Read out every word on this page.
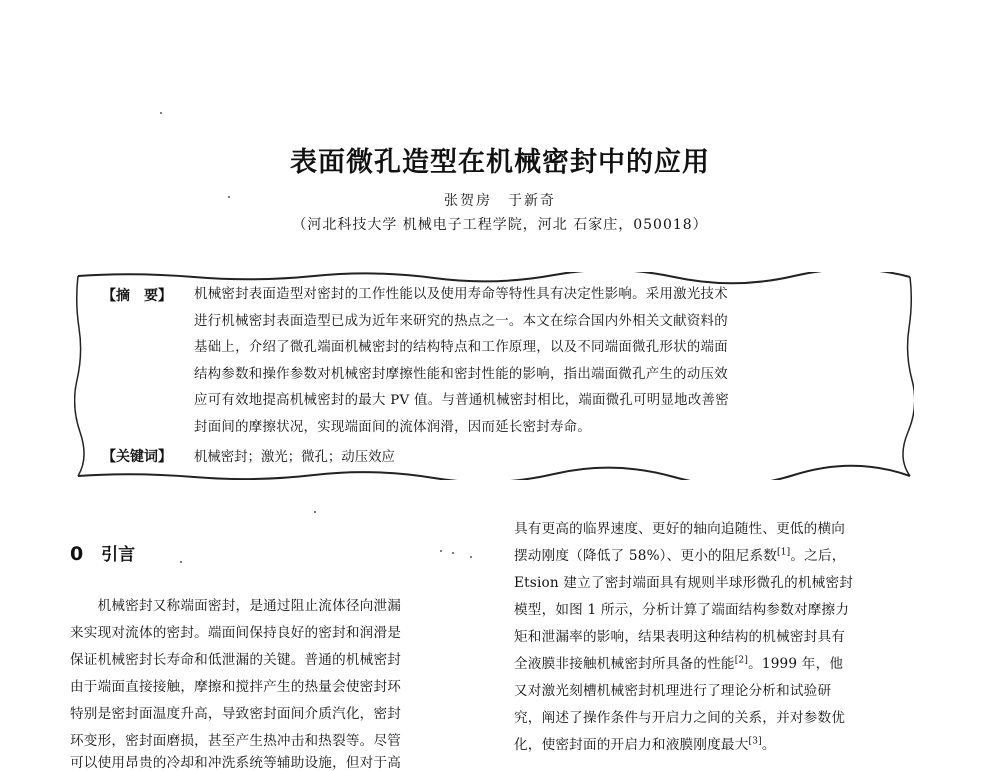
表面微孔造型在机械密封中的应用
张贺房　于新奇
（河北科技大学 机械电子工程学院，河北 石家庄，050018）
【摘　要】 机械密封表面造型对密封的工作性能以及使用寿命等特性具有决定性影响。采用激光技术
进行机械密封表面造型已成为近年来研究的热点之一。本文在综合国内外相关文献资料的
基础上，介绍了微孔端面机械密封的结构特点和工作原理，以及不同端面微孔形状的端面
结构参数和操作参数对机械密封摩擦性能和密封性能的影响，指出端面微孔产生的动压效
应可有效地提高机械密封的最大 PV 值。与普通机械密封相比，端面微孔可明显地改善密
封面间的摩擦状况，实现端面间的流体润滑，因而延长密封寿命。
【关键词】 机械密封；激光；微孔；动压效应
0 引言
　　机械密封又称端面密封，是通过阻止流体径向泄漏
来实现对流体的密封。端面间保持良好的密封和润滑是
保证机械密封长寿命和低泄漏的关键。普通的机械密封
由于端面直接接触，摩擦和搅拌产生的热量会使密封环
特别是密封面温度升高，导致密封面间介质汽化，密封
环变形，密封面磨损，甚至产生热冲击和热裂等。尽管
可以使用昂贵的冷却和冲洗系统等辅助设施，但对于高
具有更高的临界速度、更好的轴向追随性、更低的横向
摆动刚度（降低了 58%）、更小的阻尼系数[1]。之后，
Etsion 建立了密封端面具有规则半球形微孔的机械密封
模型，如图 1 所示，分析计算了端面结构参数对摩擦力
矩和泄漏率的影响，结果表明这种结构的机械密封具有
全液膜非接触机械密封所具备的性能[2]。1999 年，他
又对激光刻槽机械密封机理进行了理论分析和试验研
究，阐述了操作条件与开启力之间的关系，并对参数优
化，使密封面的开启力和液膜刚度最大[3]。
